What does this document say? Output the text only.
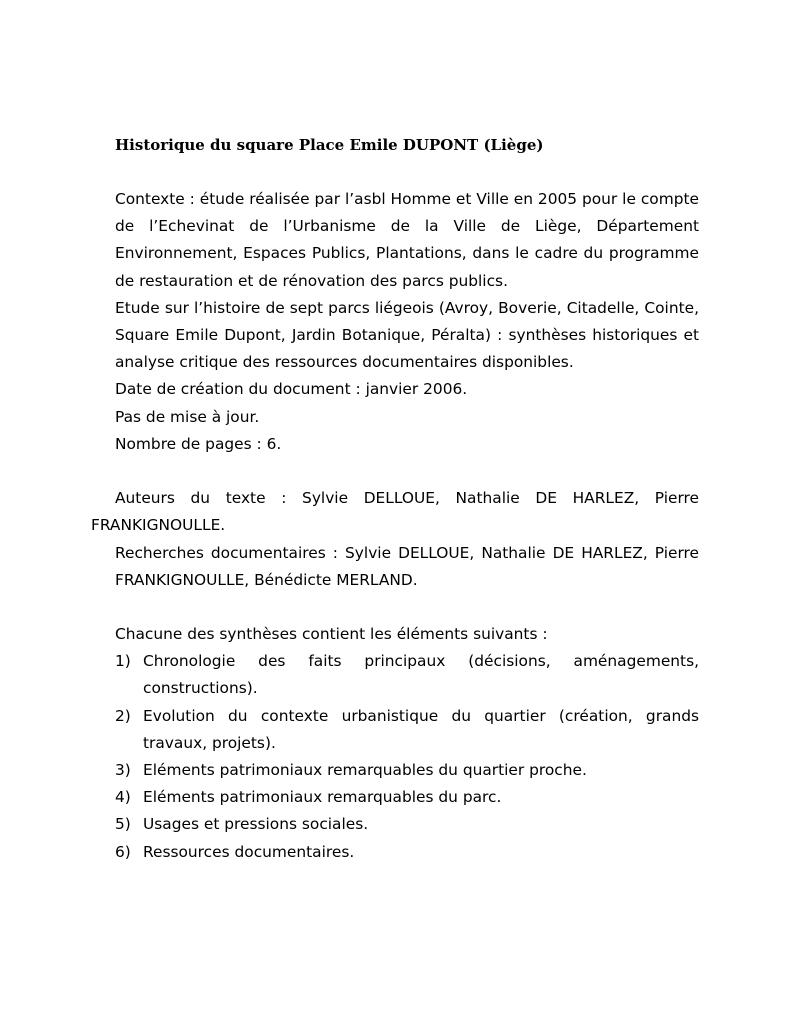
Historique du square Place Emile DUPONT (Liège)

Contexte : étude réalisée par l’asbl Homme et Ville en 2005 pour le compte de l’Echevinat de l’Urbanisme de la Ville de Liège, Département Environnement, Espaces Publics, Plantations, dans le cadre du programme de restauration et de rénovation des parcs publics.

Etude sur l’histoire de sept parcs liégeois (Avroy, Boverie, Citadelle, Cointe, Square Emile Dupont, Jardin Botanique, Péralta) : synthèses historiques et analyse critique des ressources documentaires disponibles.

Date de création du document : janvier 2006.

Pas de mise à jour.

Nombre de pages : 6.

Auteurs du texte : Sylvie DELLOUE, Nathalie DE HARLEZ, Pierre FRANKIGNOULLE.

Recherches documentaires : Sylvie DELLOUE, Nathalie DE HARLEZ, Pierre FRANKIGNOULLE, Bénédicte MERLAND.

Chacune des synthèses contient les éléments suivants :

1) Chronologie des faits principaux (décisions, aménagements, constructions).
2) Evolution du contexte urbanistique du quartier (création, grands travaux, projets).
3) Eléments patrimoniaux remarquables du quartier proche.
4) Eléments patrimoniaux remarquables du parc.
5) Usages et pressions sociales.
6) Ressources documentaires.
